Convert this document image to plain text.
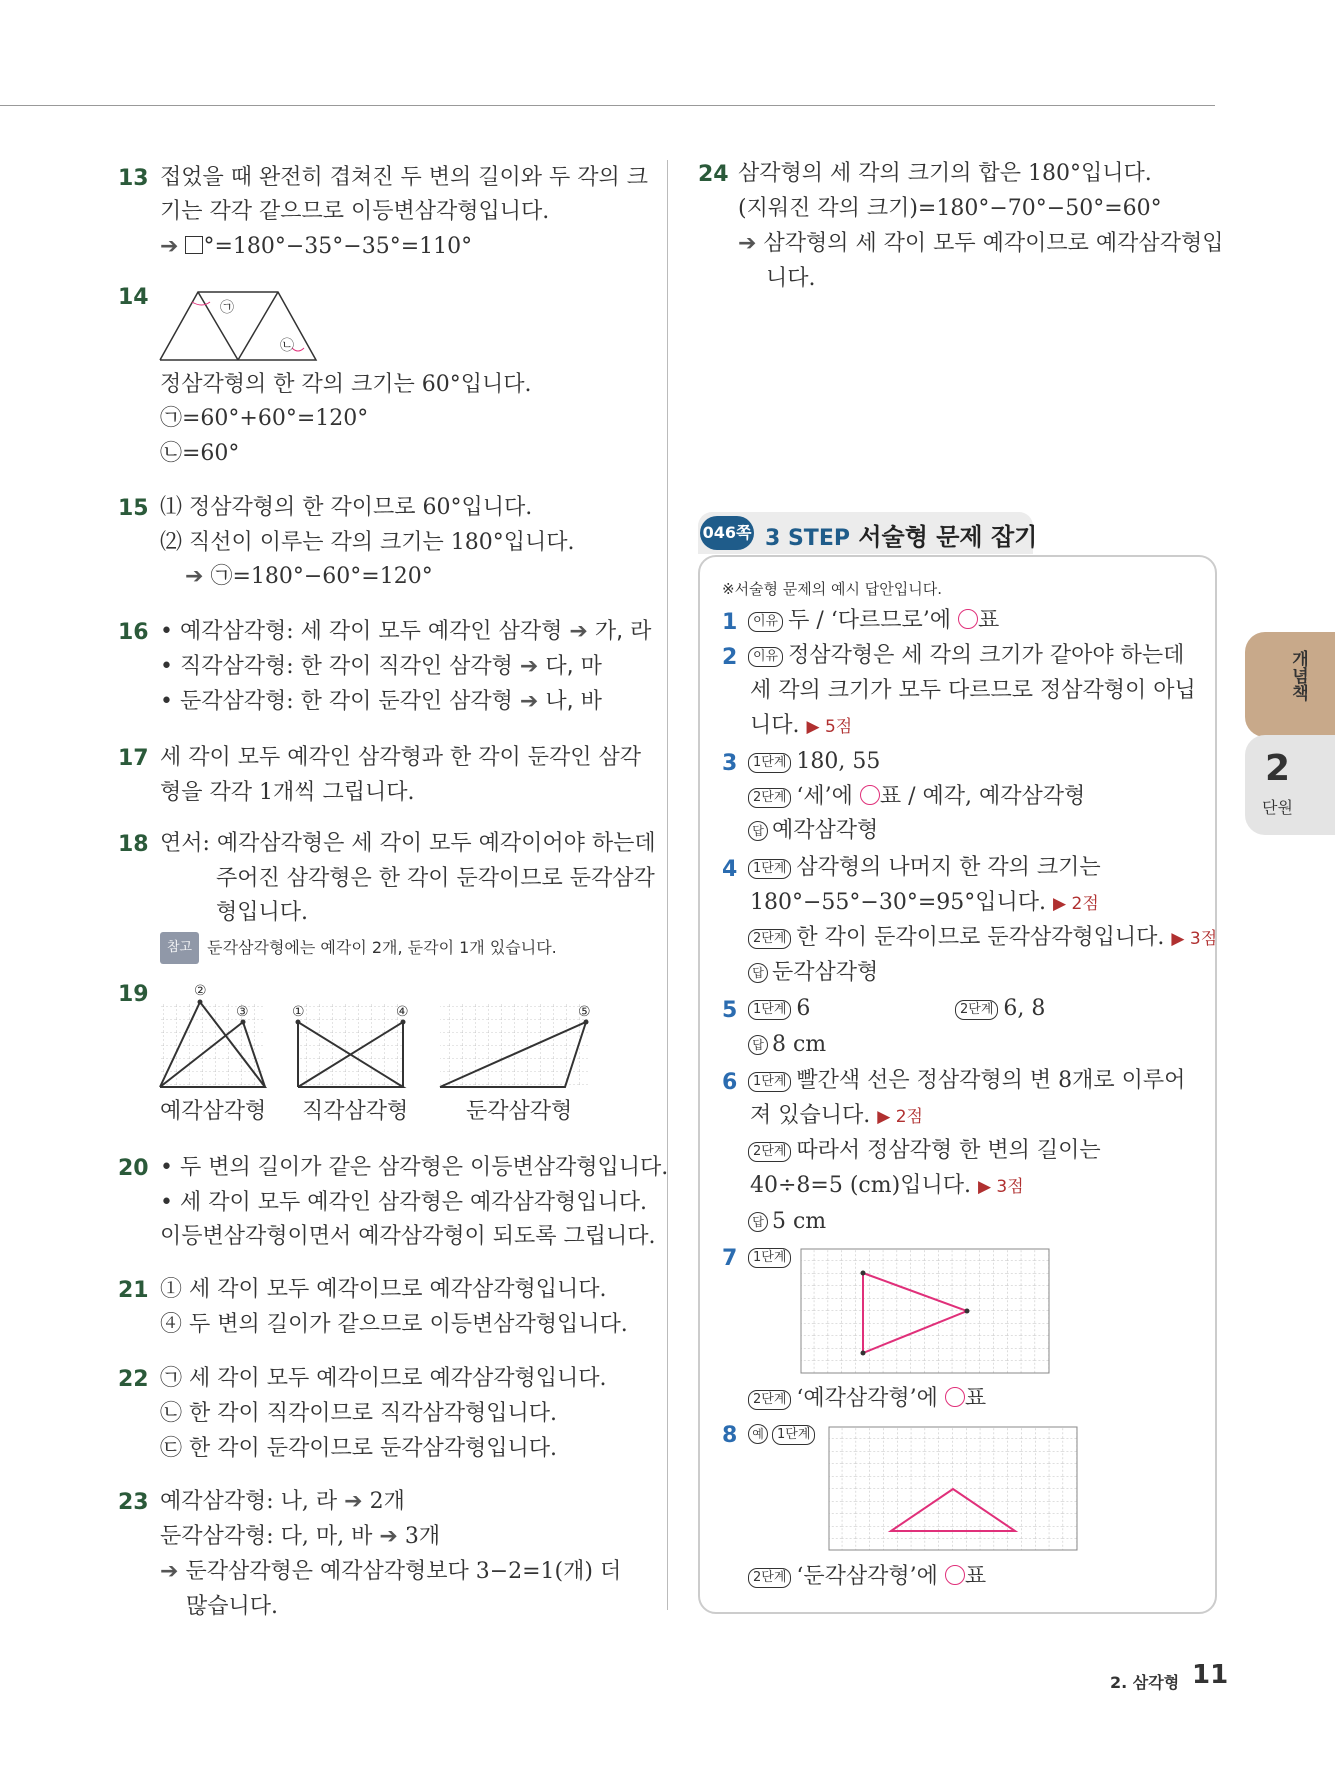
13 접었을 때 완전히 겹쳐진 두 변의 길이와 두 각의 크
기는 각각 같으므로 이등변삼각형입니다.
➔ °=180°−35°−35°=110°
14	㉠
㉡
정삼각형의 한 각의 크기는 60°입니다.
㉠=60°+60°=120°
㉡=60°
15 ⑴ 정삼각형의 한 각이므로 60°입니다.
⑵ 직선이 이루는 각의 크기는 180°입니다.
➔ ㉠=180°−60°=120°
16 • 예각삼각형: 세 각이 모두 예각인 삼각형 ➔ 가, 라
• 직각삼각형: 한 각이 직각인 삼각형 ➔ 다, 마
• 둔각삼각형: 한 각이 둔각인 삼각형 ➔ 나, 바
17 세 각이 모두 예각인 삼각형과 한 각이 둔각인 삼각
형을 각각 1개씩 그립니다.
18 연서: 예각삼각형은 세 각이 모두 예각이어야 하는데
주어진 삼각형은 한 각이 둔각이므로 둔각삼각
형입니다.
참고 둔각삼각형에는 예각이 2개, 둔각이 1개 있습니다.
19	②
③	①	④	⑤
예각삼각형 직각삼각형	둔각삼각형
20 • 두 변의 길이가 같은 삼각형은 이등변삼각형입니다.
• 세 각이 모두 예각인 삼각형은 예각삼각형입니다.
이등변삼각형이면서 예각삼각형이 되도록 그립니다.
21 ① 세 각이 모두 예각이므로 예각삼각형입니다.
④ 두 변의 길이가 같으므로 이등변삼각형입니다.
22 ㉠ 세 각이 모두 예각이므로 예각삼각형입니다.
㉡ 한 각이 직각이므로 직각삼각형입니다.
㉢ 한 각이 둔각이므로 둔각삼각형입니다.
23 예각삼각형: 나, 라 ➔ 2개
둔각삼각형: 다, 마, 바 ➔ 3개
➔ 둔각삼각형은 예각삼각형보다 3−2=1(개) 더
많습니다.
24 삼각형의 세 각의 크기의 합은 180°입니다.
(지워진 각의 크기)=180°−70°−50°=60°
➔ 삼각형의 세 각이 모두 예각이므로 예각삼각형입
니다.
046쪽 3 STEP 서술형 문제 잡기
※서술형 문제의 예시 답안입니다.
1	이유 두 / ‘다르므로’에 ○표
2	이유 정삼각형은 세 각의 크기가 같아야 하는데
세 각의 크기가 모두 다르므로 정삼각형이 아닙
니다. ▶ 5점
3	1단계 180, 55
2단계 ‘세’에 ○표 / 예각, 예각삼각형
답 예각삼각형
4	1단계 삼각형의 나머지 한 각의 크기는
180°−55°−30°=95°입니다. ▶ 2점
2단계 한 각이 둔각이므로 둔각삼각형입니다. ▶ 3점
답 둔각삼각형
5	1단계 6	2단계 6, 8
답 8 cm
6	1단계 빨간색 선은 정삼각형의 변 8개로 이루어
져 있습니다. ▶ 2점
2단계 따라서 정삼각형 한 변의 길이는
40÷8=5 (cm)입니다. ▶ 3점
답 5 cm
7	1단계
2단계 ‘예각삼각형’에 ○표
8	예 1단계
2단계 ‘둔각삼각형’에 ○표
개념책
2
단원
2. 삼각형 11
